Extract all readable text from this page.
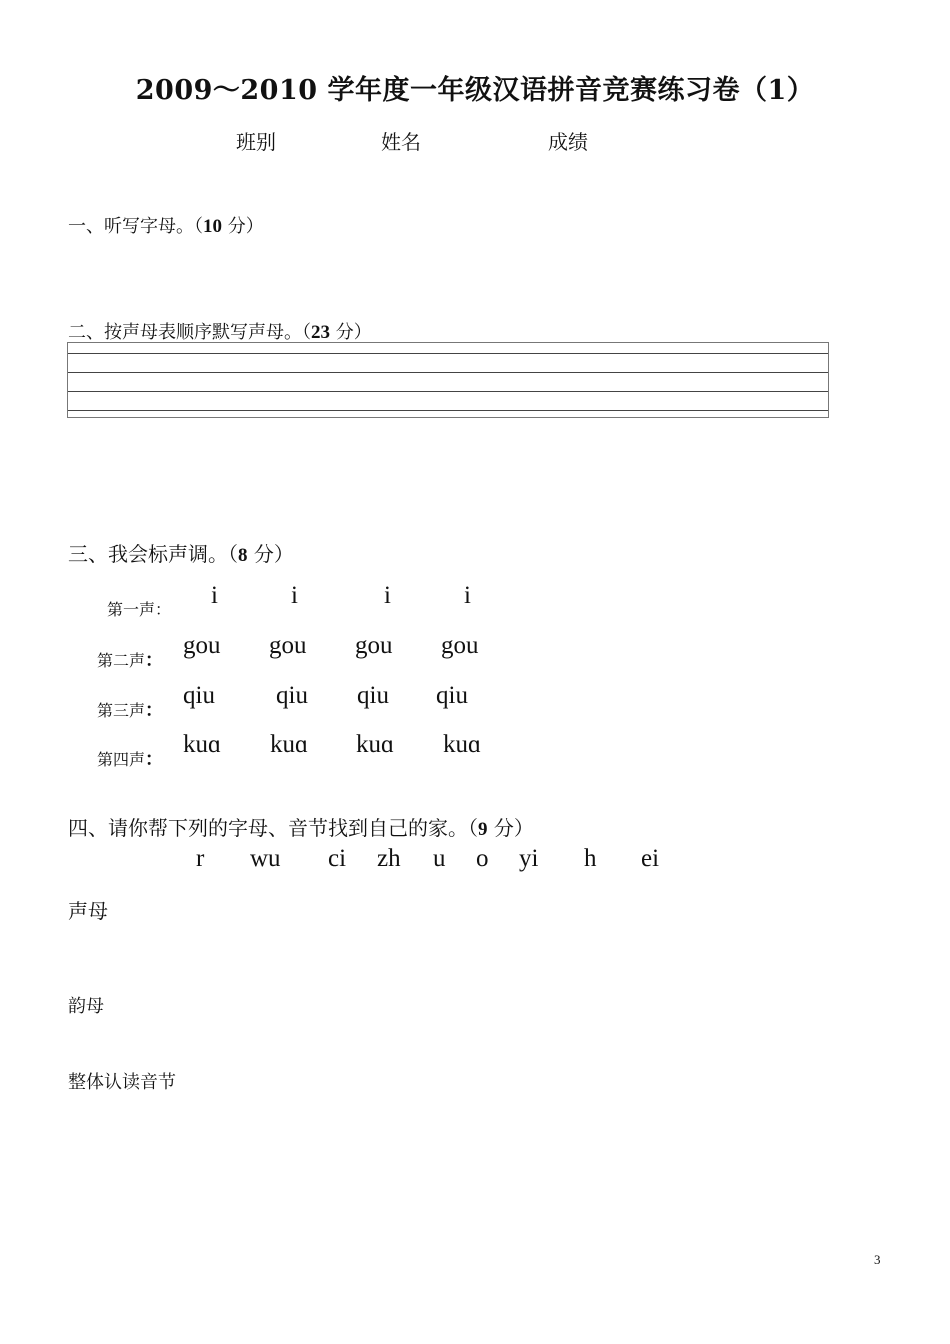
2009～2010 学年度一年级汉语拼音竞赛练习卷（1）
班别	姓名	成绩
一、听写字母。（10 分）
二、按声母表顺序默写声母。（23 分）
三、我会标声调。（8 分）
第一声：
i	i	i	i
第二声：
gou gou gou gou
第三声：
qiu qiu qiu qiu
第四声：
kuɑ kuɑ kuɑ kuɑ
四、请你帮下列的字母、音节找到自己的家。（9 分）
r wu ci zh u o yi h ei
声母
韵母
整体认读音节
3
